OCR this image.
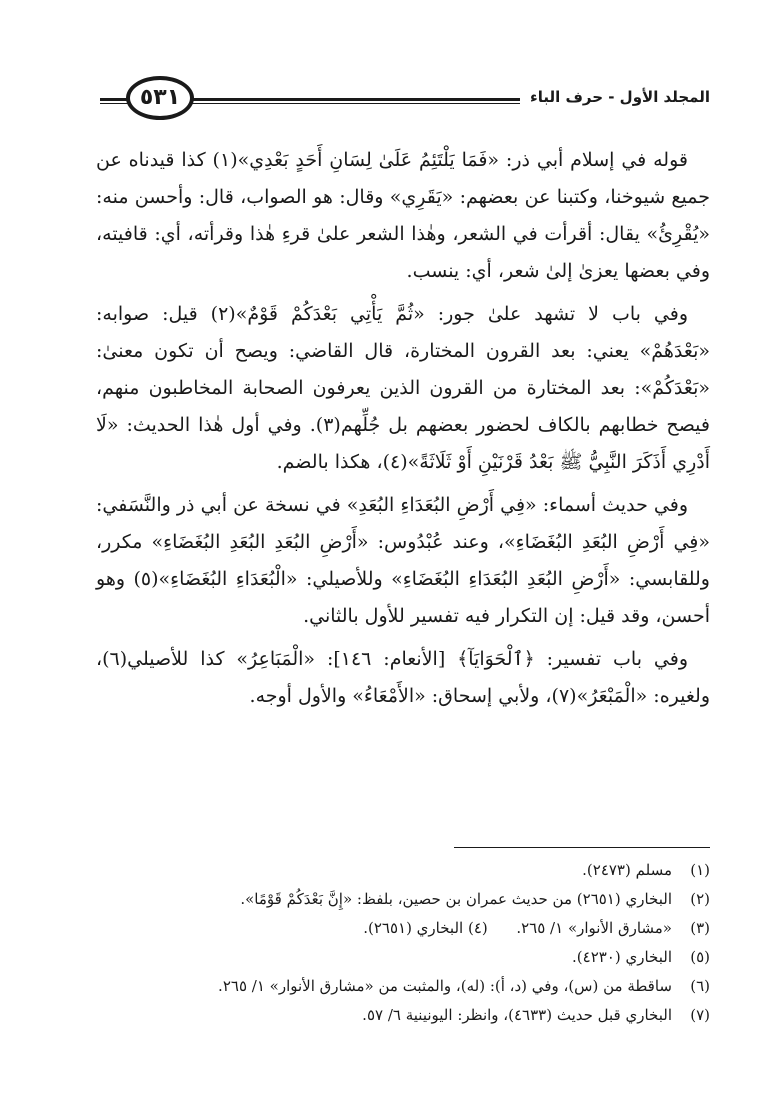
المجلد الأول - حرف الباء
٥٣١

قوله في إسلام أبي ذر: «فَمَا يَلْتَئِمُ عَلَىٰ لِسَانِ أَحَدٍ بَعْدِي»(١) كذا قيدناه عن جميع شيوخنا، وكتبنا عن بعضهم: «يَقَرِي» وقال: هو الصواب، قال: وأحسن منه: «يُقْرِئُ» يقال: أقرأت في الشعر، وهٰذا الشعر علىٰ قرءِ هٰذا وقرأته، أي: قافيته، وفي بعضها يعزىٰ إلىٰ شعر، أي: ينسب.

وفي باب لا تشهد علىٰ جور: «ثُمَّ يَأْتِي بَعْدَكُمْ قَوْمٌ»(٢) قيل: صوابه: «بَعْدَهُمْ» يعني: بعد القرون المختارة، قال القاضي: ويصح أن تكون معنىٰ: «بَعْدَكُمْ»: بعد المختارة من القرون الذين يعرفون الصحابة المخاطبون منهم، فيصح خطابهم بالكاف لحضور بعضهم بل جُلِّهم(٣). وفي أول هٰذا الحديث: «لَا أَدْرِي أَذَكَرَ النَّبِيُّ ﷺ بَعْدُ قَرْنَيْنِ أَوْ ثَلَاثَةً»(٤)، هكذا بالضم.

وفي حديث أسماء: «فِي أَرْضِ البُعَدَاءِ البُعَدِ» في نسخة عن أبي ذر والنَّسَفي: «فِي أَرْضِ البُعَدِ البُغَضَاءِ»، وعند عُبْدُوس: «أَرْضِ البُعَدِ البُعَدِ البُغَضَاءِ» مكرر، وللقابسي: «أَرْضِ البُعَدِ البُعَدَاءِ البُغَضَاءِ» وللأصيلي: «الْبُعَدَاءِ البُغَضَاءِ»(٥) وهو أحسن، وقد قيل: إن التكرار فيه تفسير للأول بالثاني.

وفي باب تفسير: ﴿ٱلْحَوَايَآ﴾ [الأنعام: ١٤٦]: «الْمَبَاعِرُ» كذا للأصيلي(٦)، ولغيره: «الْمَبْعَرُ»(٧)، ولأبي إسحاق: «الأَمْعَاءُ» والأول أوجه.

(١)
مسلم (٢٤٧٣).
(٢)
البخاري (٢٦٥١) من حديث عمران بن حصين، بلفظ: «إِنَّ بَعْدَكُمْ قَوْمًا».
(٣)
«مشارق الأنوار» ١/ ٢٦٥.      (٤) البخاري (٢٦٥١).
(٥)
البخاري (٤٢٣٠).
(٦)
ساقطة من (س)، وفي (د، أ): (له)، والمثبت من «مشارق الأنوار» ١/ ٢٦٥.
(٧)
البخاري قبل حديث (٤٦٣٣)، وانظر: اليونينية ٦/ ٥٧.
